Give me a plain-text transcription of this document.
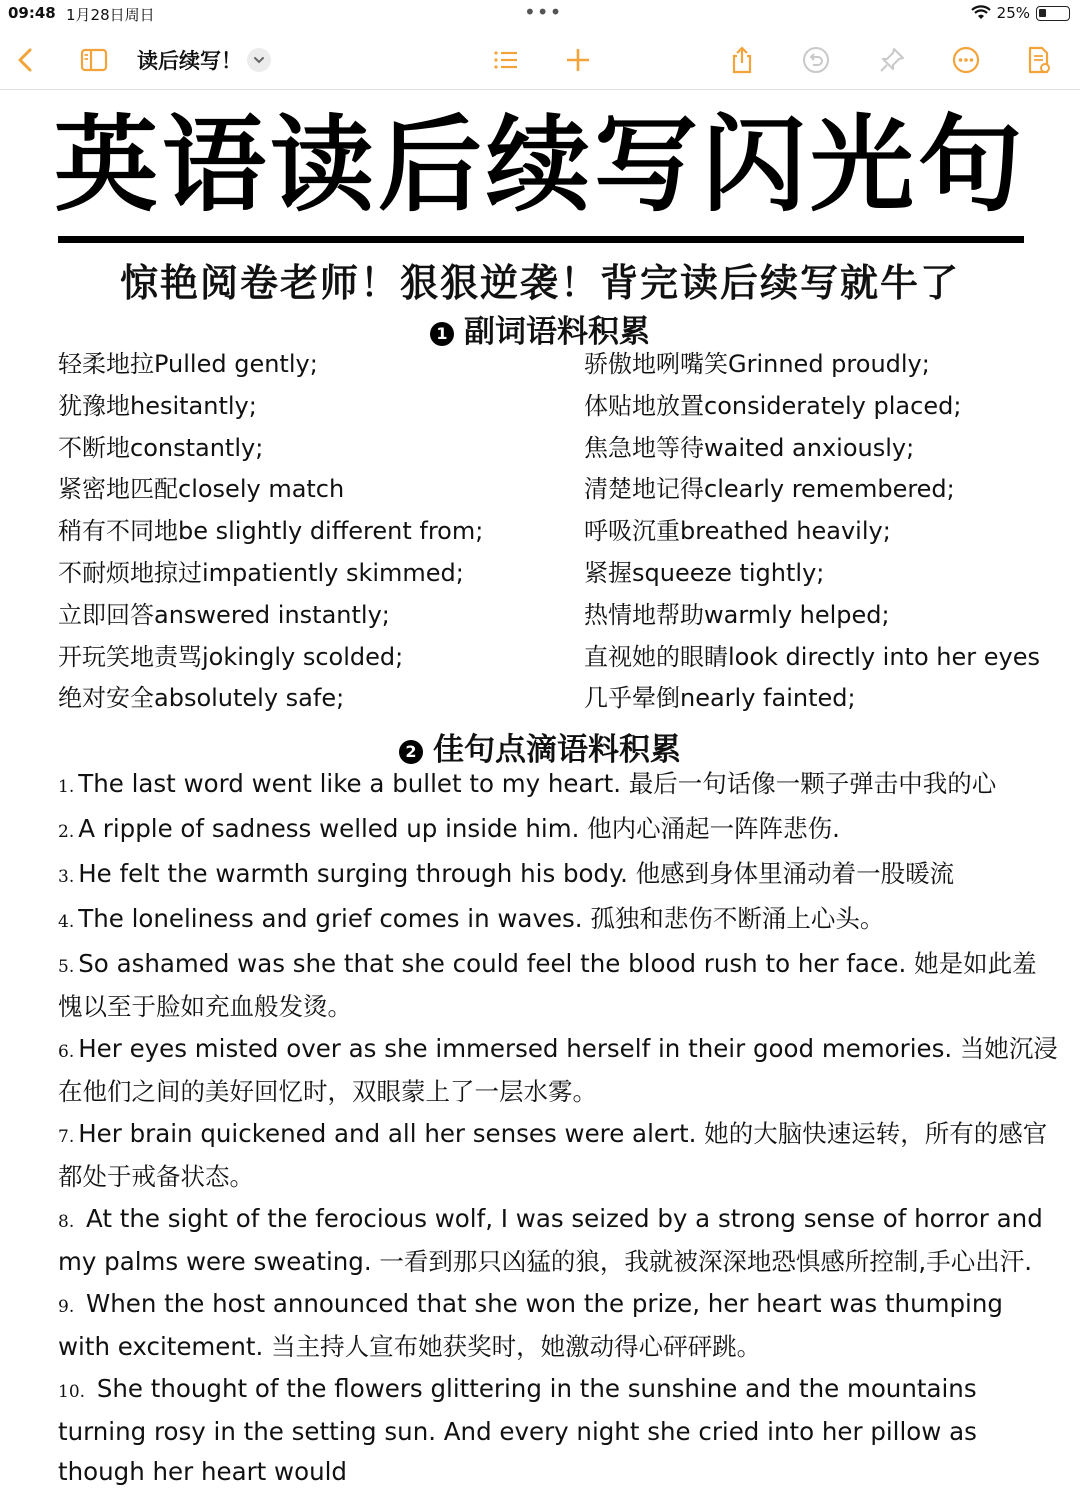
09:48 1月28日周日	•••	25%
读后续写！
英语读后续写闪光句
惊艳阅卷老师！狠狠逆袭！背完读后续写就牛了
1 副词语料积累
轻柔地拉Pulled gently;
犹豫地hesitantly;
不断地constantly;
紧密地匹配closely match
稍有不同地be slightly different from;
不耐烦地掠过impatiently skimmed;
立即回答answered instantly;
开玩笑地责骂jokingly scolded;
绝对安全absolutely safe;
骄傲地咧嘴笑Grinned proudly;
体贴地放置considerately placed;
焦急地等待waited anxiously;
清楚地记得clearly remembered;
呼吸沉重breathed heavily;
紧握squeeze tightly;
热情地帮助warmly helped;
直视她的眼睛look directly into her eyes
几乎晕倒nearly fainted;
2 佳句点滴语料积累
1. The last word went like a bullet to my heart. 最后一句话像一颗子弹击中我的心
2. A ripple of sadness welled up inside him. 他内心涌起一阵阵悲伤.
3. He felt the warmth surging through his body. 他感到身体里涌动着一股暖流
4. The loneliness and grief comes in waves. 孤独和悲伤不断涌上心头。
5. So ashamed was she that she could feel the blood rush to her face. 她是如此羞愧以至于脸如充血般发烫。
6. Her eyes misted over as she immersed herself in their good memories. 当她沉浸在他们之间的美好回忆时，双眼蒙上了一层水雾。
7. Her brain quickened and all her senses were alert. 她的大脑快速运转，所有的感官都处于戒备状态。
8. At the sight of the ferocious wolf, I was seized by a strong sense of horror and my palms were sweating. 一看到那只凶猛的狼，我就被深深地恐惧感所控制,手心出汗.
9. When the host announced that she won the prize, her heart was thumping with excitement. 当主持人宣布她获奖时，她激动得心砰砰跳。
10. She thought of the flowers glittering in the sunshine and the mountains turning rosy in the setting sun. And every night she cried into her pillow as though her heart would
